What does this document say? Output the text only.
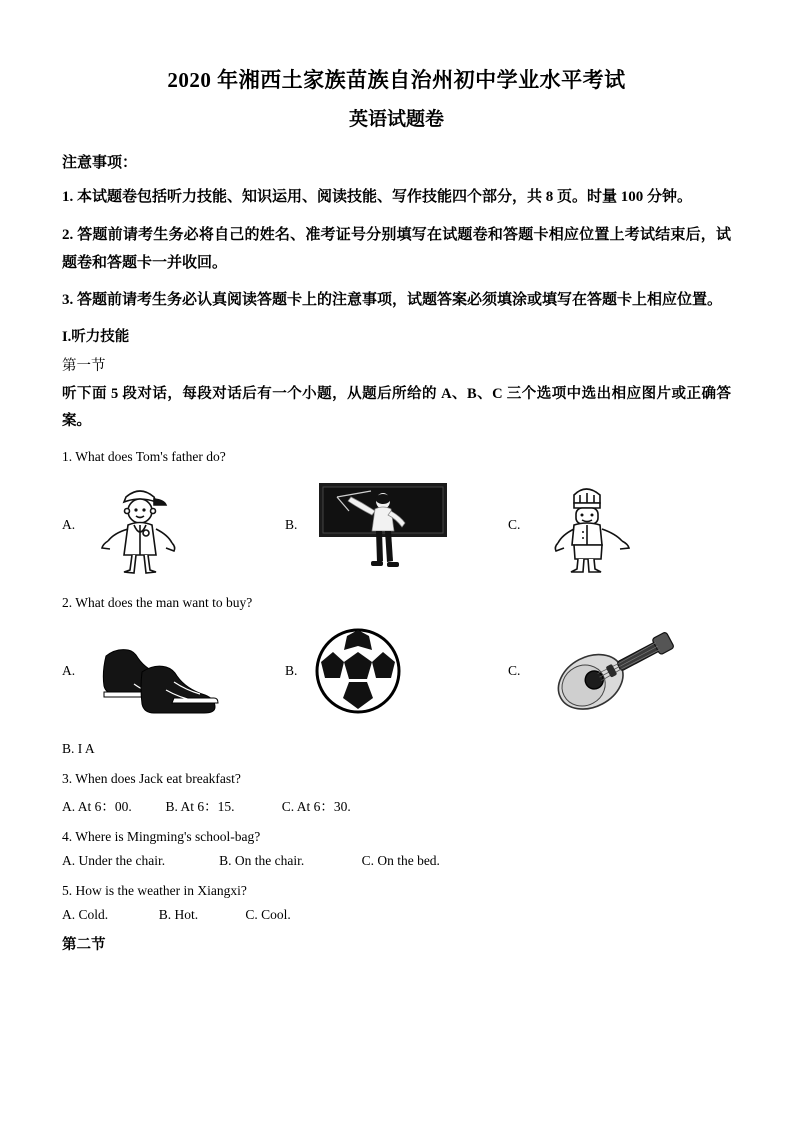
2020 年湘西土家族苗族自治州初中学业水平考试
英语试题卷
注意事项：
1. 本试题卷包括听力技能、知识运用、阅读技能、写作技能四个部分，共 8 页。时量 100 分钟。
2. 答题前请考生务必将自己的姓名、准考证号分别填写在试题卷和答题卡相应位置上考试结束后，试题卷和答题卡一并收回。
3. 答题前请考生务必认真阅读答题卡上的注意事项，试题答案必须填涂或填写在答题卡上相应位置。
I.听力技能
第一节
听下面 5 段对话，每段对话后有一个小题，从题后所给的 A、B、C 三个选项中选出相应图片或正确答案。
1. What does Tom's father do?
A.	B.	C.
2. What does the man want to buy?
A.	B.	C.
B. I A
3. When does Jack eat breakfast?
A. At 6：00.          B. At 6：15.              C. At 6：30.
4. Where is Mingming's school-bag?
A. Under the chair.                B. On the chair.                 C. On the bed.
5. How is the weather in Xiangxi?
A. Cold.               B. Hot.              C. Cool.
第二节
